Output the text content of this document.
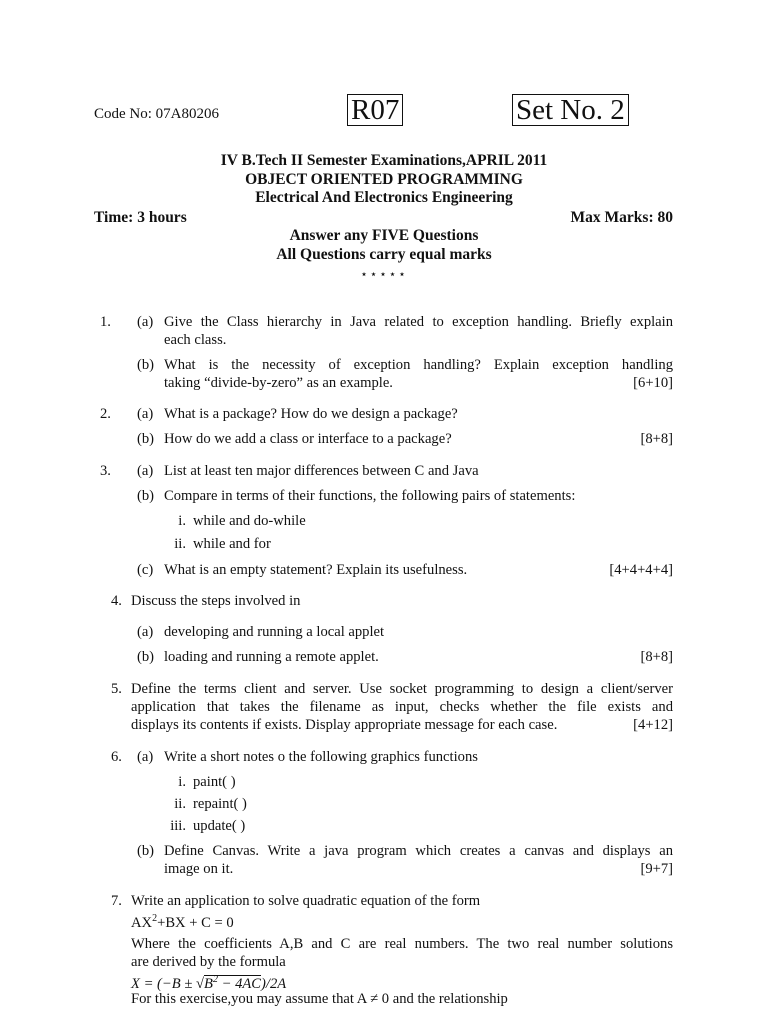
Code No: 07A80206	R07	Set No. 2
IV B.Tech II Semester Examinations,APRIL 2011
OBJECT ORIENTED PROGRAMMING
Electrical And Electronics Engineering
Time: 3 hours	Max Marks: 80
Answer any FIVE Questions
All Questions carry equal marks
⋆⋆⋆⋆⋆
1. (a) Give the Class hierarchy in Java related to exception handling. Briefly explain
each class.
(b) What is the necessity of exception handling? Explain exception handling
taking “divide-by-zero” as an example.	[6+10]
2. (a) What is a package? How do we design a package?
(b) How do we add a class or interface to a package?	[8+8]
3. (a) List at least ten major differences between C and Java
(b) Compare in terms of their functions, the following pairs of statements:
i. while and do-while
ii. while and for
(c) What is an empty statement? Explain its usefulness.	[4+4+4+4]
4. Discuss the steps involved in
(a) developing and running a local applet
(b) loading and running a remote applet.	[8+8]
5. Define the terms client and server. Use socket programming to design a client/server
application that takes the filename as input, checks whether the file exists and
displays its contents if exists. Display appropriate message for each case.	[4+12]
6. (a) Write a short notes o the following graphics functions
i. paint( )
ii. repaint( )
iii. update( )
(b) Define Canvas. Write a java program which creates a canvas and displays an
image on it.	[9+7]
7. Write an application to solve quadratic equation of the form
$AX^2+BX + C = 0$
Where the coefficients A,B and C are real numbers. The two real number solutions
are derived by the formula
$X = (-B \pm √B^2 - 4AC)/2A$
For this exercise,you may assume that A ≠ 0 and the relationship
